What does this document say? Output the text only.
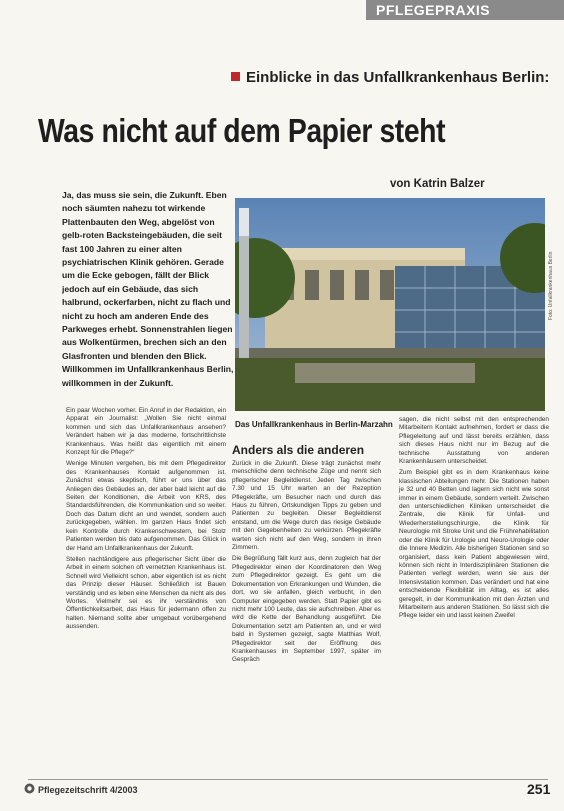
PFLEGEPRAXIS
Einblicke in das Unfallkrankenhaus Berlin:
Was nicht auf dem Papier steht
von Katrin Balzer
Ja, das muss sie sein, die Zukunft. Eben noch säumten nahezu tot wirkende Plattenbauten den Weg, abgelöst von gelb-roten Backsteingebäuden, die seit fast 100 Jahren zu einer alten psychiatrischen Klinik gehören. Gerade um die Ecke gebogen, fällt der Blick jedoch auf ein Gebäude, das sich halbrund, ockerfarben, nicht zu flach und nicht zu hoch am anderen Ende des Parkweges erhebt. Sonnenstrahlen liegen aus Wolkentürmen, brechen sich an den Glasfronten und blenden den Blick. Willkommen im Unfallkrankenhaus Berlin, willkommen in der Zukunft.
Foto: Unfallkrankenhaus Berlin
Das Unfallkrankenhaus in Berlin-Marzahn

Ein paar Wochen vorher. Ein Anruf in der Redaktion, ein Apparat ein Journalist: „Wollen Sie nicht einmal kommen und sich das Unfallkrankenhaus ansehen? Verändert haben wir ja das moderne, fortschrittlichste Krankenhaus. Was heißt das eigentlich mit einem Konzept für die Pflege?“

Wenige Minuten vergehen, bis mit dem Pflegedirektor des Krankenhauses Kontakt aufgenommen ist. Zunächst etwas skeptisch, führt er uns über das Anliegen des Gebäudes an, der aber bald leicht auf die Seiten der Konditionen, die Arbeit von KRS, des Standardsführenden, die Kommunikation und so weiter. Doch das Datum dicht an und wendet, sondern auch zurückgegeben, wählen. Im ganzen Haus findet sich kein Kontrolle durch Krankenschwestern, bei Stolz Patienten werden bis dato aufgenommen. Das Glück in der Hand am Unfallkrankenhaus der Zukunft.

Stellen nachtändigere aus pflegerischer Sicht über die Arbeit in einem solchen oft vernetzten Krankenhaus ist. Schnell wird Vielleicht schon, aber eigentlich ist es nicht das Prinzip dieser Häuser. Schließlich ist Bauen verständig und es leben eine Menschen da nicht als des Wortes. Vielmehr sei es ihr verständnis von Öffentlichkeitsarbeit, das Haus für jedermann offen zu halten. Niemand sollte aber umgebaut vorübergehend aussenden.

Anders als die anderen

Zurück in die Zukunft. Diese trägt zunächst mehr menschliche denn technische Züge und nennt sich pflegerischer Begleitdienst. Jeden Tag zwischen 7.30 und 15 Uhr warten an der Rezeption Pflegekräfte, um Besucher nach und durch das Haus zu führen, Ortskundigen Tipps zu geben und Patienten zu begleiten. Dieser Begleitdienst entstand, um die Wege durch das riesige Gebäude mit den Gegebenheiten zu verkürzen. Pflegekräfte warten sich nicht auf den Weg, sondern in ihren Zimmern.

Die Begrüßung fällt kurz aus, denn zugleich hat der Pflegedirektor einen der Koordinatoren den Weg zum Pflegedirektor gezeigt. Es geht um die Dokumentation von Erkrankungen und Wunden, die dort, wo sie anfallen, gleich verbucht, in den Computer eingegeben werden. Statt Papier gibt es nicht mehr 100 Leute, das sie aufschreiben. Aber es wird die Kette der Behandlung ausgeführt. Die Dokumentation setzt am Patienten an, und er wird bald in Systemen gezeigt, sagte Matthias Wolf, Pflegedirektor seit der Eröffnung des Krankenhauses im September 1997, später im Gespräch

sagen, die nicht selbst mit den entsprechenden Mitarbeitern Kontakt aufnehmen, fordert er dass die Pflegeleitung auf und lässt bereits erzählen, dass sich dieses Haus nicht nur im Bezug auf die technische Ausstattung von anderen Krankenhäusern unterscheidet.

Zum Beispiel gibt es in dem Krankenhaus keine klassischen Abteilungen mehr. Die Stationen haben je 32 und 40 Betten und lagern sich nicht wie sonst immer in einem Gebäude, sondern verteilt. Zwischen den unterschiedlichen Kliniken unterscheidet die Zentrale, die Klinik für Unfall- und Wiederherstellungschirurgie, die Klinik für Neurologie mit Stroke Unit und die Frührehabilitation oder die Klinik für Urologie und Neuro-Urologie oder die Innere Medizin. Alle bisherigen Stationen sind so organisiert, dass kein Patient abgewiesen wird, können sich nicht in Interdisziplinären Stationen die Patienten verlegt werden, wenn sie aus der Intensivstation kommen. Das verändert und hat eine entscheidende Flexibilität im Alltag, es ist alles geregelt, in der Kommunikation mit den Ärzten und Mitarbeitern aus anderen Stationen. So lässt sich die Pflege leider ein und lasst keinen Zweifel

Pflegezeitschrift 4/2003	251
